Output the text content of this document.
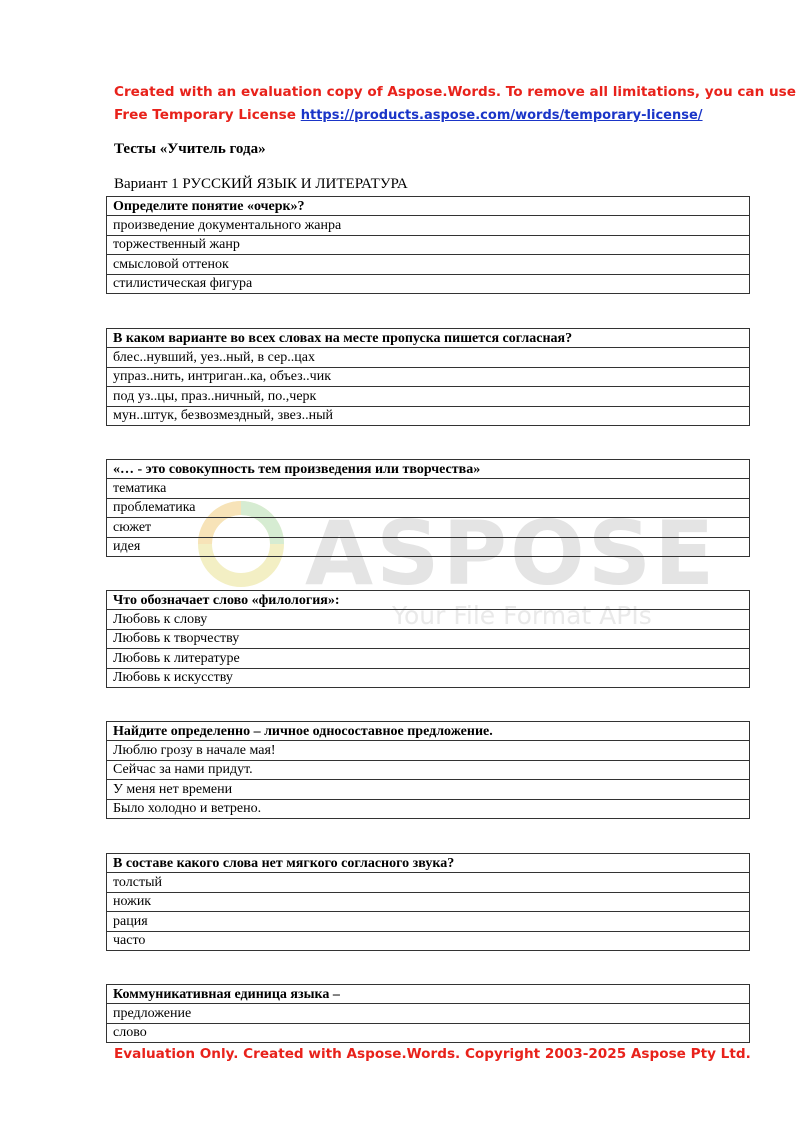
ASPOSE
Your File Format APIs
Created with an evaluation copy of Aspose.Words. To remove all limitations, you can use
Free Temporary License https://products.aspose.com/words/temporary-license/
Тесты «Учитель года»
Вариант 1 РУССКИЙ ЯЗЫК И ЛИТЕРАТУРА
Определите понятие «очерк»?
произведение документального жанра
торжественный жанр
смысловой оттенок
стилистическая фигура
В каком варианте во всех словах на месте пропуска пишется согласная?
блес..нувший, уез..ный, в сер..цах
упраз..нить, интриган..ка, объез..чик
под уз..цы, праз..ничный, по.,черк
мун..штук, безвозмездный, звез..ный
«… - это совокупность тем произведения или творчества»
тематика
проблематика
сюжет
идея
Что обозначает слово «филология»:
Любовь к слову
Любовь к творчеству
Любовь к литературе
Любовь к искусству
Найдите определенно – личное односоставное предложение.
Люблю грозу в начале мая!
Сейчас за нами придут.
У меня нет времени
Было холодно и ветрено.
В составе какого слова нет мягкого согласного звука?
толстый
ножик
рация
часто
Коммуникативная единица языка –
предложение
слово
Evaluation Only. Created with Aspose.Words. Copyright 2003-2025 Aspose Pty Ltd.
